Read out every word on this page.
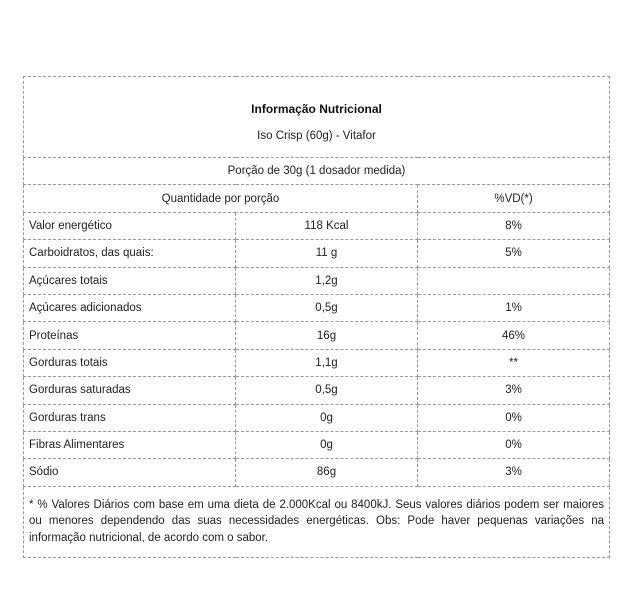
Informação Nutricional
Iso Crisp (60g) - Vitafor		

Porção de 30g (1 dosador medida)		
Quantidade por porção		%VD(*)
Valor energético	118 Kcal	8%
Carboidratos, das quais:	11 g	5%
Açúcares totais	1,2g	
Açúcares adicionados	0,5g	1%
Proteínas	16g	46%
Gorduras totais	1,1g	**
Gorduras saturadas	0,5g	3%
Gorduras trans	0g	0%
Fibras Alimentares	0g	0%
Sódio	86g	3%
* % Valores Diários com base em uma dieta de 2.000Kcal ou 8400kJ. Seus valores diários podem ser maiores ou menores dependendo das suas necessidades energéticas. Obs: Pode haver pequenas variações na informação nutricional, de acordo com o sabor.		
